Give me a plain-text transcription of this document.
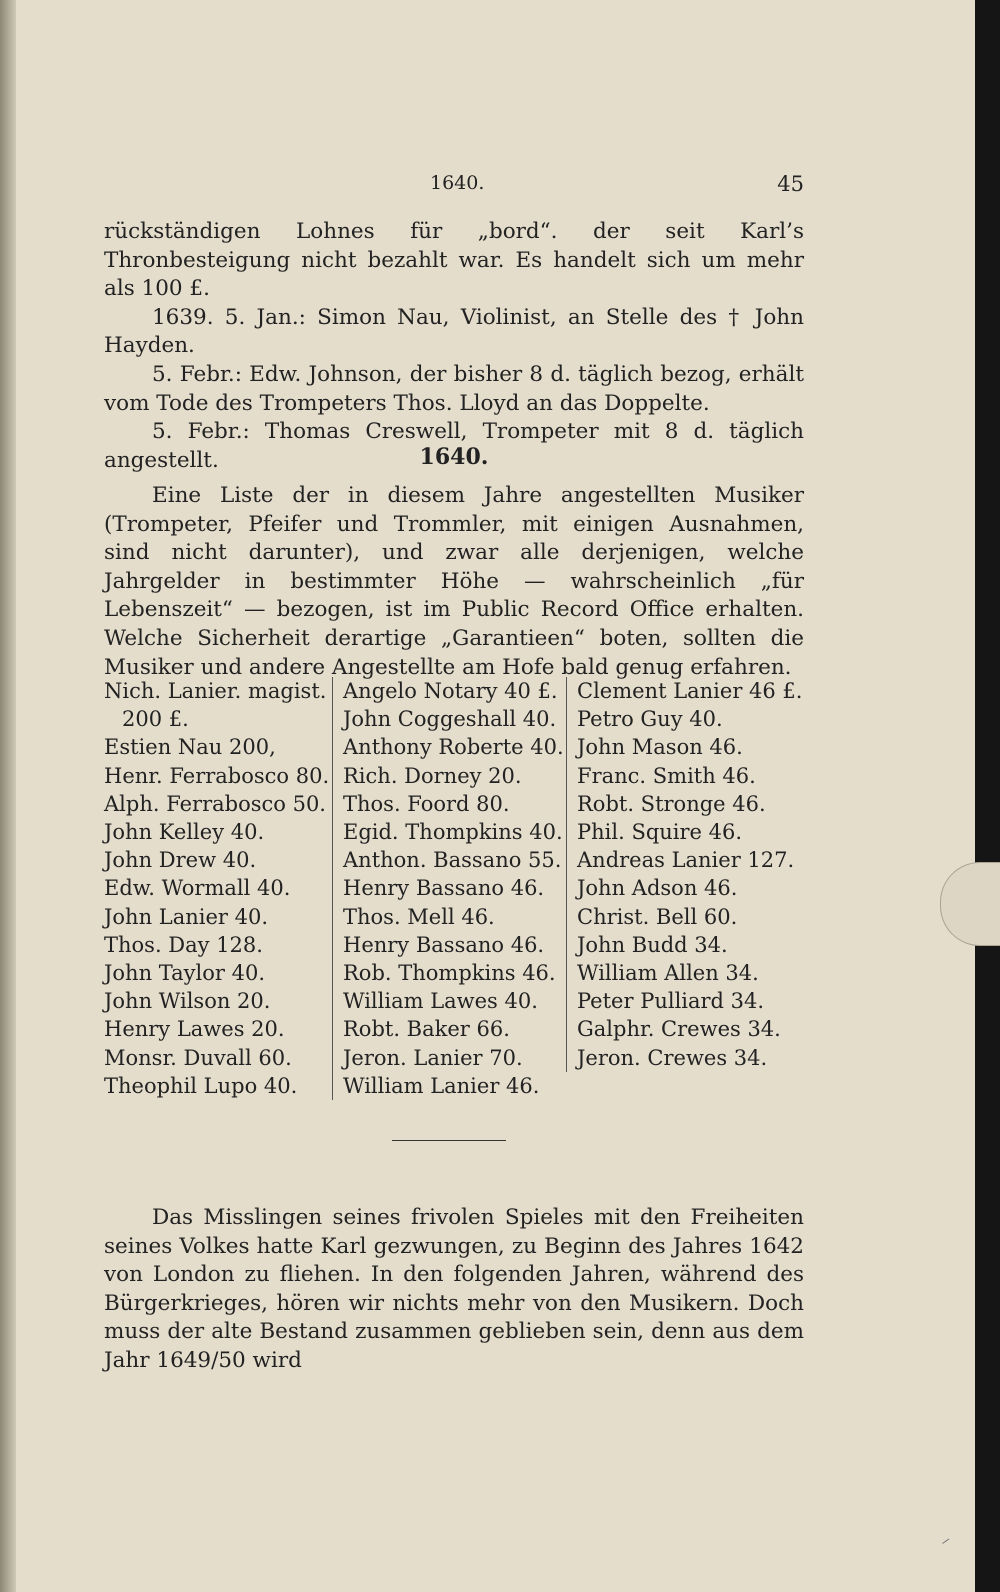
1640.	45

rückständigen Lohnes für „bord“. der seit Karl’s Thronbesteigung nicht bezahlt war. Es handelt sich um mehr als 100 £.

1639. 5. Jan.: Simon Nau, Violinist, an Stelle des † John Hayden.

5. Febr.: Edw. Johnson, der bisher 8 d. täglich bezog, erhält vom Tode des Trompeters Thos. Lloyd an das Doppelte.

5. Febr.: Thomas Creswell, Trompeter mit 8 d. täglich angestellt.	1640.

Eine Liste der in diesem Jahre angestellten Musiker (Trompeter, Pfeifer und Trommler, mit einigen Ausnahmen, sind nicht darunter), und zwar alle derjenigen, welche Jahrgelder in bestimmter Höhe — wahrscheinlich „für Lebenszeit“ — bezogen, ist im Public Record Office erhalten. Welche Sicherheit derartige „Garantieen“ boten, sollten die Musiker und andere Angestellte am Hofe bald genug erfahren.

Nich. Lanier. magist.
200 £.
Estien Nau 200,
Henr. Ferrabosco 80.
Alph. Ferrabosco 50.
John Kelley 40.
John Drew 40.
Edw. Wormall 40.
John Lanier 40.
Thos. Day 128.
John Taylor 40.
John Wilson 20.
Henry Lawes 20.
Monsr. Duvall 60.
Theophil Lupo 40.
Angelo Notary 40 £.
John Coggeshall 40.
Anthony Roberte 40.
Rich. Dorney 20.
Thos. Foord 80.
Egid. Thompkins 40.
Anthon. Bassano 55.
Henry Bassano 46.
Thos. Mell 46.
Henry Bassano 46.
Rob. Thompkins 46.
William Lawes 40.
Robt. Baker 66.
Jeron. Lanier 70.
William Lanier 46.
Clement Lanier 46 £.
Petro Guy 40.
John Mason 46.
Franc. Smith 46.
Robt. Stronge 46.
Phil. Squire 46.
Andreas Lanier 127.
John Adson 46.
Christ. Bell 60.
John Budd 34.
William Allen 34.
Peter Pulliard 34.
Galphr. Crewes 34.
Jeron. Crewes 34.

Das Misslingen seines frivolen Spieles mit den Freiheiten seines Volkes hatte Karl gezwungen, zu Beginn des Jahres 1642 von London zu fliehen. In den folgenden Jahren, während des Bürgerkrieges, hören wir nichts mehr von den Musikern. Doch muss der alte Bestand zusammen geblieben sein, denn aus dem Jahr 1649/50 wird
